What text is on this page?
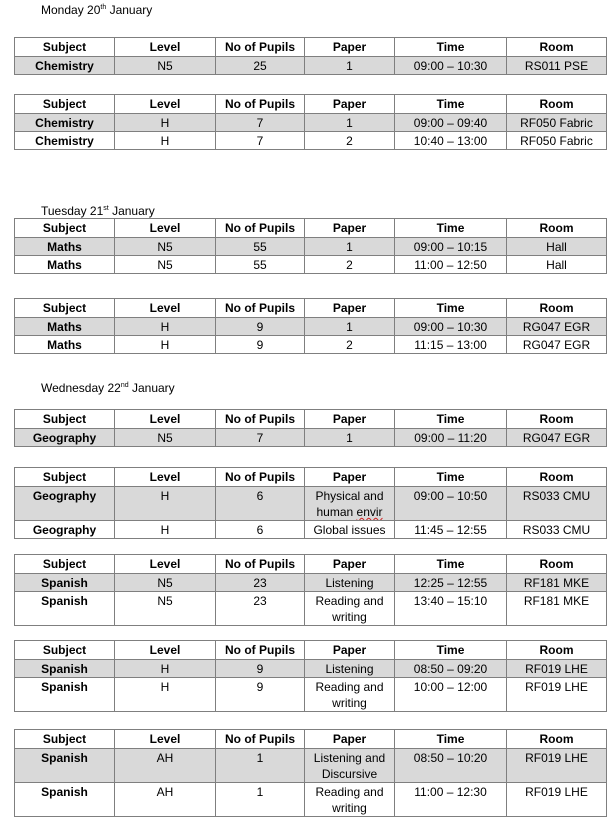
Monday 20th January
Tuesday 21st January
Wednesday 22nd January
Subject	Level	No of Pupils	Paper	Time	Room
Chemistry	N5	25	1	09:00 – 10:30	RS011 PSE
Subject	Level	No of Pupils	Paper	Time	Room
Chemistry	H	7	1	09:00 – 09:40	RF050 Fabric
Chemistry	H	7	2	10:40 – 13:00	RF050 Fabric
Subject	Level	No of Pupils	Paper	Time	Room
Maths	N5	55	1	09:00 – 10:15	Hall
Maths	N5	55	2	11:00 – 12:50	Hall
Subject	Level	No of Pupils	Paper	Time	Room
Maths	H	9	1	09:00 – 10:30	RG047 EGR
Maths	H	9	2	11:15 – 13:00	RG047 EGR
Subject	Level	No of Pupils	Paper	Time	Room
Geography	N5	7	1	09:00 – 11:20	RG047 EGR
Subject	Level	No of Pupils	Paper	Time	Room
Geography	H	6	Physical and human envir	09:00 – 10:50	RS033 CMU
Geography	H	6	Global issues	11:45 – 12:55	RS033 CMU
Subject	Level	No of Pupils	Paper	Time	Room
Spanish	N5	23	Listening	12:25 – 12:55	RF181 MKE
Spanish	N5	23	Reading and writing	13:40 – 15:10	RF181 MKE
Subject	Level	No of Pupils	Paper	Time	Room
Spanish	H	9	Listening	08:50 – 09:20	RF019 LHE
Spanish	H	9	Reading and writing	10:00 – 12:00	RF019 LHE
Subject	Level	No of Pupils	Paper	Time	Room
Spanish	AH	1	Listening and Discursive	08:50 – 10:20	RF019 LHE
Spanish	AH	1	Reading and writing	11:00 – 12:30	RF019 LHE
